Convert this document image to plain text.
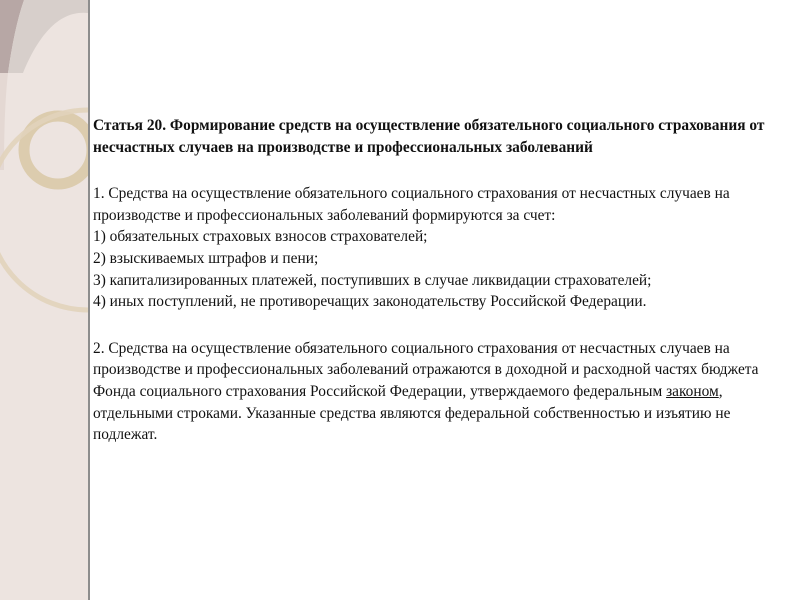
Статья 20. Формирование средств на осуществление обязательного социального страхования от несчастных случаев на производстве и профессиональных заболеваний

1. Средства на осуществление обязательного социального страхования от несчастных случаев на производстве и профессиональных заболеваний формируются за счет:

1) обязательных страховых взносов страхователей;

2) взыскиваемых штрафов и пени;

3) капитализированных платежей, поступивших в случае ликвидации страхователей;

4) иных поступлений, не противоречащих законодательству Российской Федерации.

2. Средства на осуществление обязательного социального страхования от несчастных случаев на производстве и профессиональных заболеваний отражаются в доходной и расходной частях бюджета Фонда социального страхования Российской Федерации, утверждаемого федеральным законом, отдельными строками. Указанные средства являются федеральной собственностью и изъятию не подлежат.
